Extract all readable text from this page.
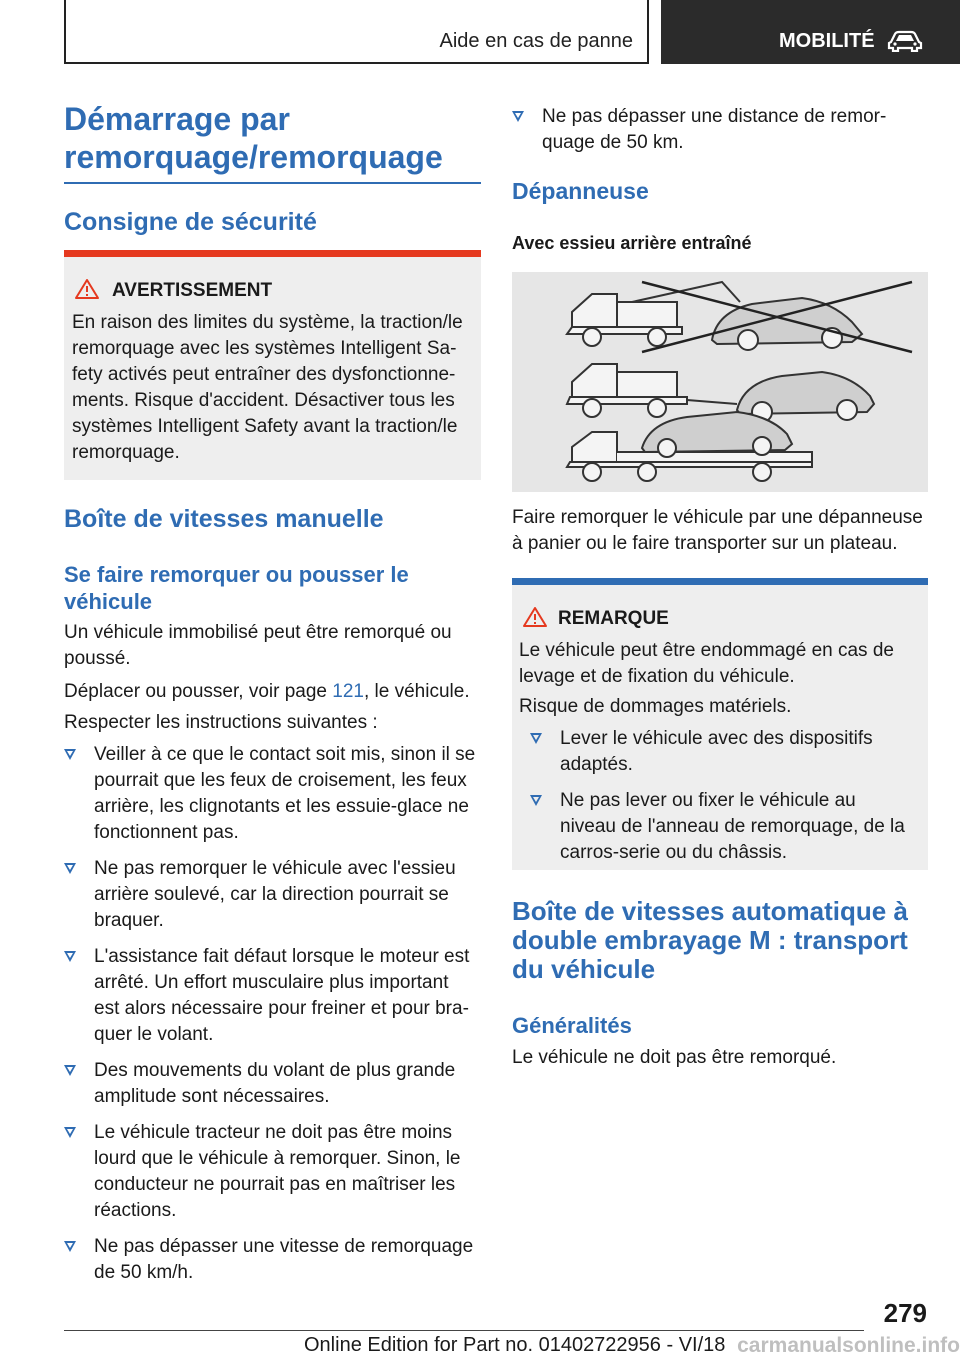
Aide en cas de panne	MOBILITÉ
Démarrage par remorquage/remorquage
Consigne de sécurité
AVERTISSEMENT

En raison des limites du système, la traction/le remorquage avec les systèmes Intelligent Sa-fety activés peut entraîner des dysfonctionne-ments. Risque d'accident. Désactiver tous les systèmes Intelligent Safety avant la traction/le remorquage.

Boîte de vitesses manuelle
Se faire remorquer ou pousser le véhicule

Un véhicule immobilisé peut être remorqué ou poussé.

Déplacer ou pousser, voir page 121, le véhicule.

Respecter les instructions suivantes :

Veiller à ce que le contact soit mis, sinon il se pourrait que les feux de croisement, les feux arrière, les clignotants et les essuie-glace ne fonctionnent pas.
Ne pas remorquer le véhicule avec l'essieu arrière soulevé, car la direction pourrait se braquer.
L'assistance fait défaut lorsque le moteur est arrêté. Un effort musculaire plus important est alors nécessaire pour freiner et pour bra-quer le volant.
Des mouvements du volant de plus grande amplitude sont nécessaires.
Le véhicule tracteur ne doit pas être moins lourd que le véhicule à remorquer. Sinon, le conducteur ne pourrait pas en maîtriser les réactions.
Ne pas dépasser une vitesse de remorquage de 50 km/h.
Ne pas dépasser une distance de remor-quage de 50 km.
Dépanneuse
Avec essieu arrière entraîné

Faire remorquer le véhicule par une dépanneuse à panier ou le faire transporter sur un plateau.

REMARQUE

Le véhicule peut être endommagé en cas de levage et de fixation du véhicule.

Risque de dommages matériels.

Lever le véhicule avec des dispositifs adaptés.
Ne pas lever ou fixer le véhicule au niveau de l'anneau de remorquage, de la carros-serie ou du châssis.
Boîte de vitesses automatique à double embrayage M : transport du véhicule
Généralités

Le véhicule ne doit pas être remorqué.

279
Online Edition for Part no. 01402722956 - VI/18 carmanualsonline.info
